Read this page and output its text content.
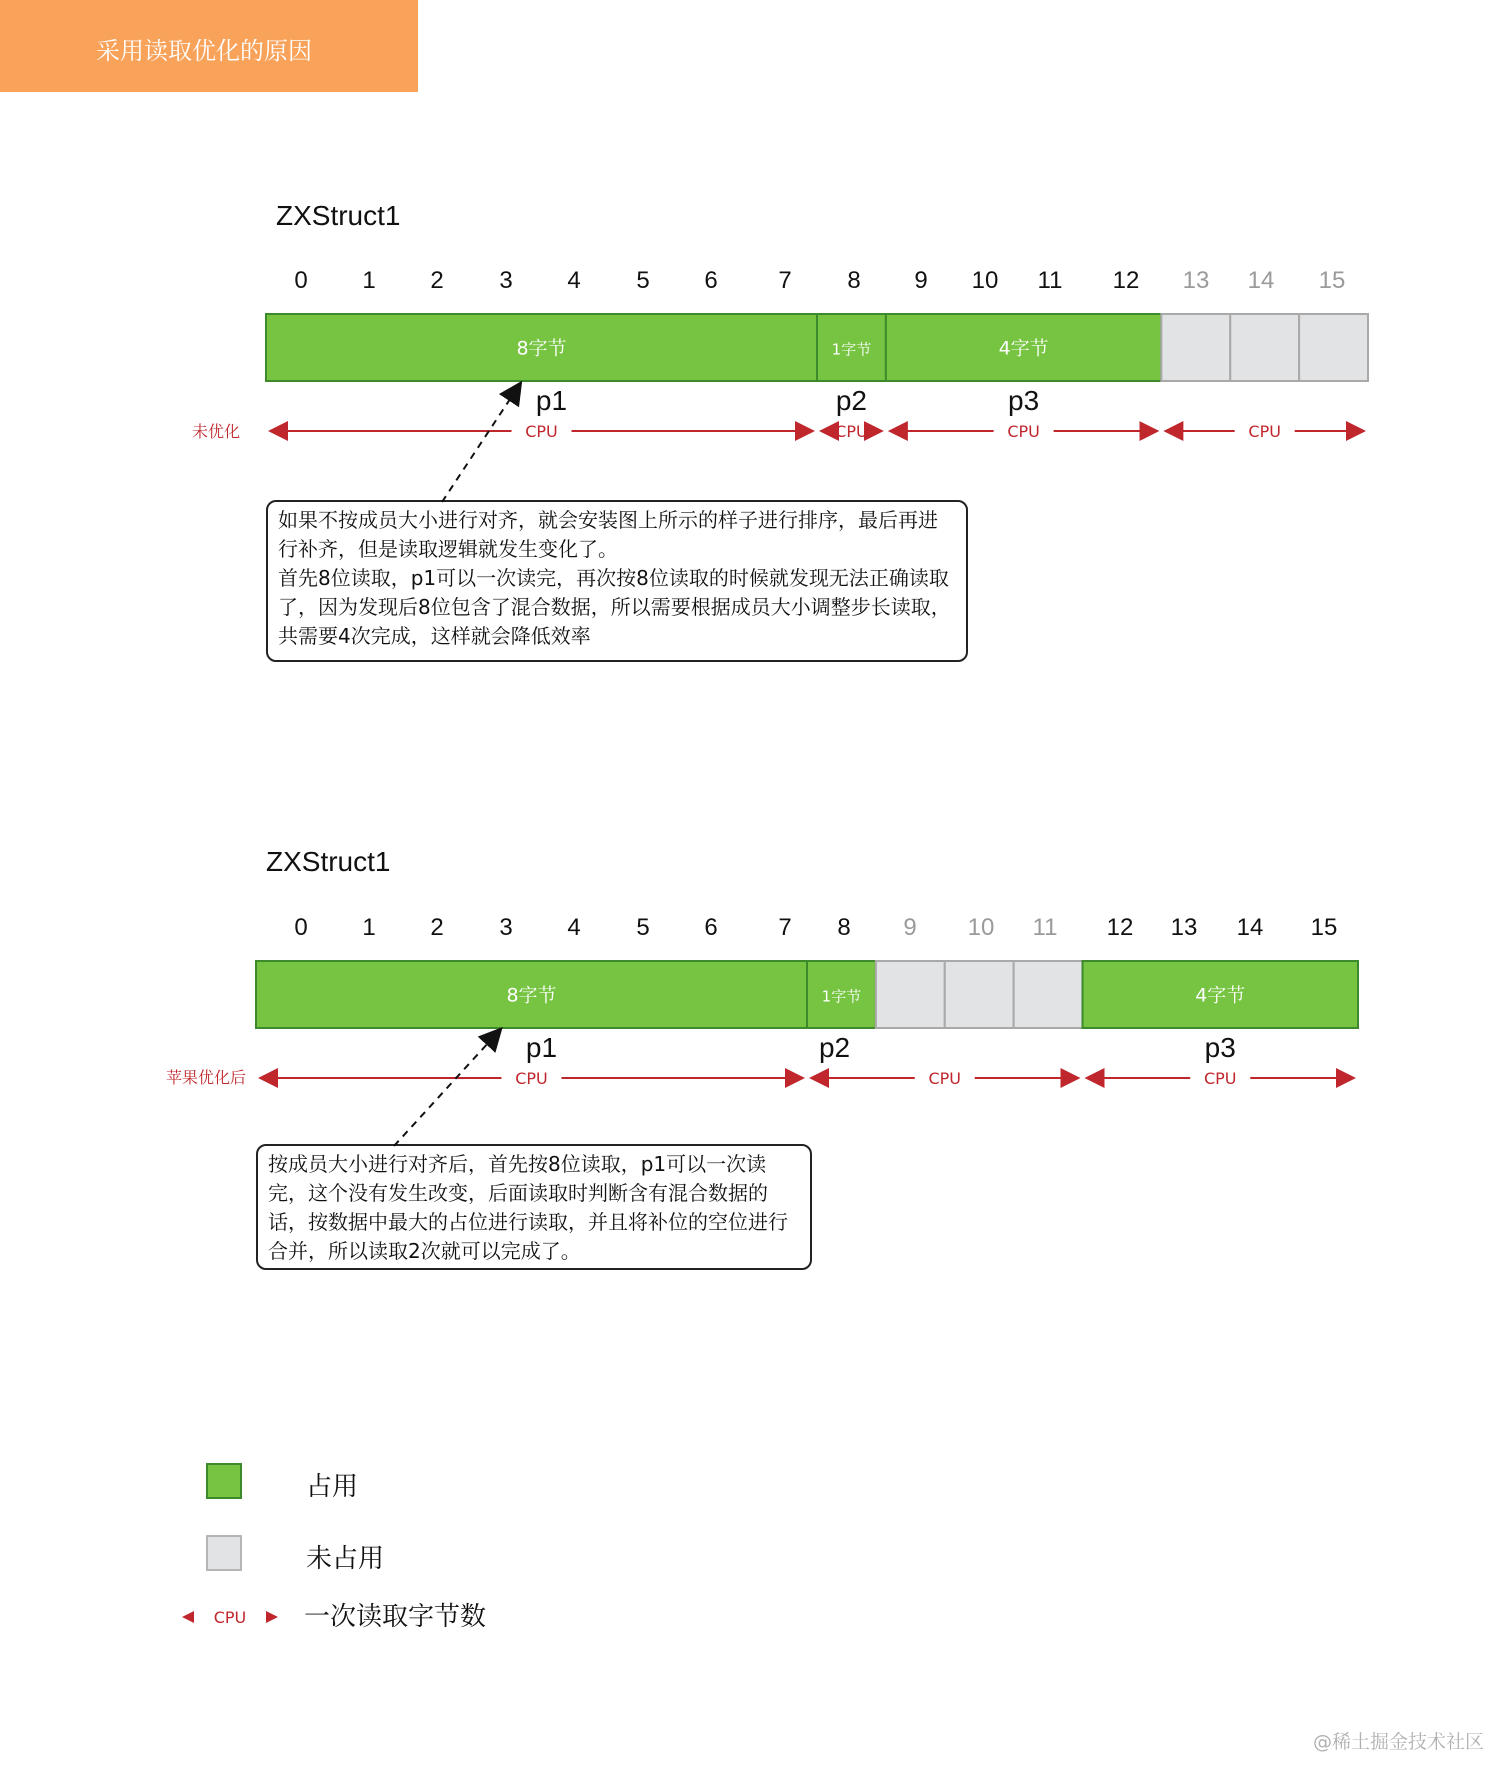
采用读取优化的原因
ZXStruct1
未优化
如果不按成员大小进行对齐，就会安装图上所示的样子进行排序，最后再进行补齐，但是读取逻辑就发生变化了。
首先8位读取，p1可以一次读完，再次按8位读取的时候就发现无法正确读取了，因为发现后8位包含了混合数据，所以需要根据成员大小调整步长读取，共需要4次完成，这样就会降低效率
ZXStruct1
苹果优化后
按成员大小进行对齐后，首先按8位读取，p1可以一次读完，这个没有发生改变，后面读取时判断含有混合数据的话，按数据中最大的占位进行读取，并且将补位的空位进行合并，所以读取2次就可以完成了。
0 1 2 3 4 5 6	7 8 9 10 11 12 13 14 15
8字节	1字节	4字节
p1	p2	p3
CPU	CPU	CPU	CPU
0 1 2 3 4 5 6	7 8 9 10 11 12 13 14 15
8字节	1字节	4字节
p1	p2	p3
CPU	CPU	CPU
占用
未占用
CPU 一次读取字节数
@稀土掘金技术社区
